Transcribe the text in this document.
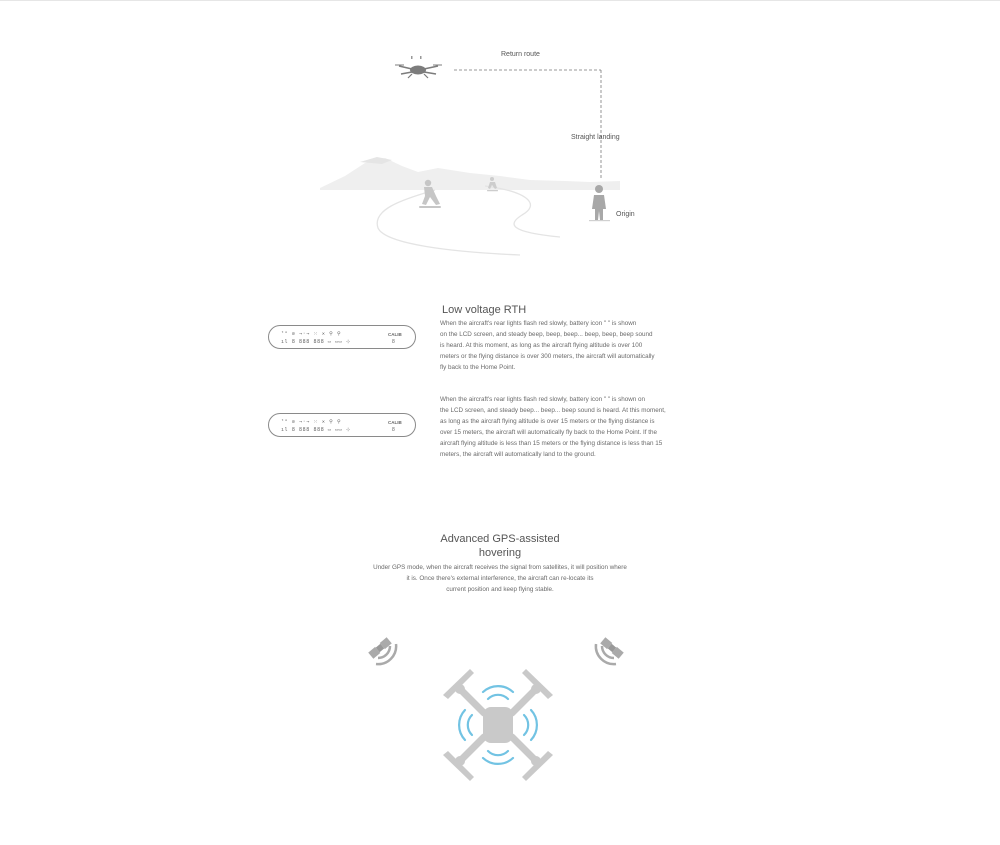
Return route
Straight landing
Origin
Low voltage RTH
ᵗᴬ ⊘ →·→ ⁙ ✕ ⚲ ⚲
ıl 8 888 888 ▭ ▭▭ ⊹
CALIB
8
When the aircraft's rear lights flash red slowly, battery icon " " is shown
on the LCD screen, and steady beep, beep, beep... beep, beep, beep sound
is heard. At this moment, as long as the aircraft flying altitude is over 100
meters or the flying distance is over 300 meters, the aircraft will automatically
fly back to the Home Point.
ᵗᴬ ⊘ →·→ ⁙ ✕ ⚲ ⚲
ıl 8 888 888 ▭ ▭▭ ⊹
CALIB
8
When the aircraft's rear lights flash red slowly, battery icon " " is shown on
the LCD screen, and steady beep... beep... beep sound is heard. At this moment,
as long as the aircraft flying altitude is over 15 meters or the flying distance is
over 15 meters, the aircraft will automatically fly back to the Home Point. If the
aircraft flying altitude is less than 15 meters or the flying distance is less than 15
meters, the aircraft will automatically land to the ground.
Advanced GPS-assisted
hovering
Under GPS mode, when the aircraft receives the signal from satellites, it will position where
it is. Once there's external interference, the aircraft can re-locate its
current position and keep flying stable.
